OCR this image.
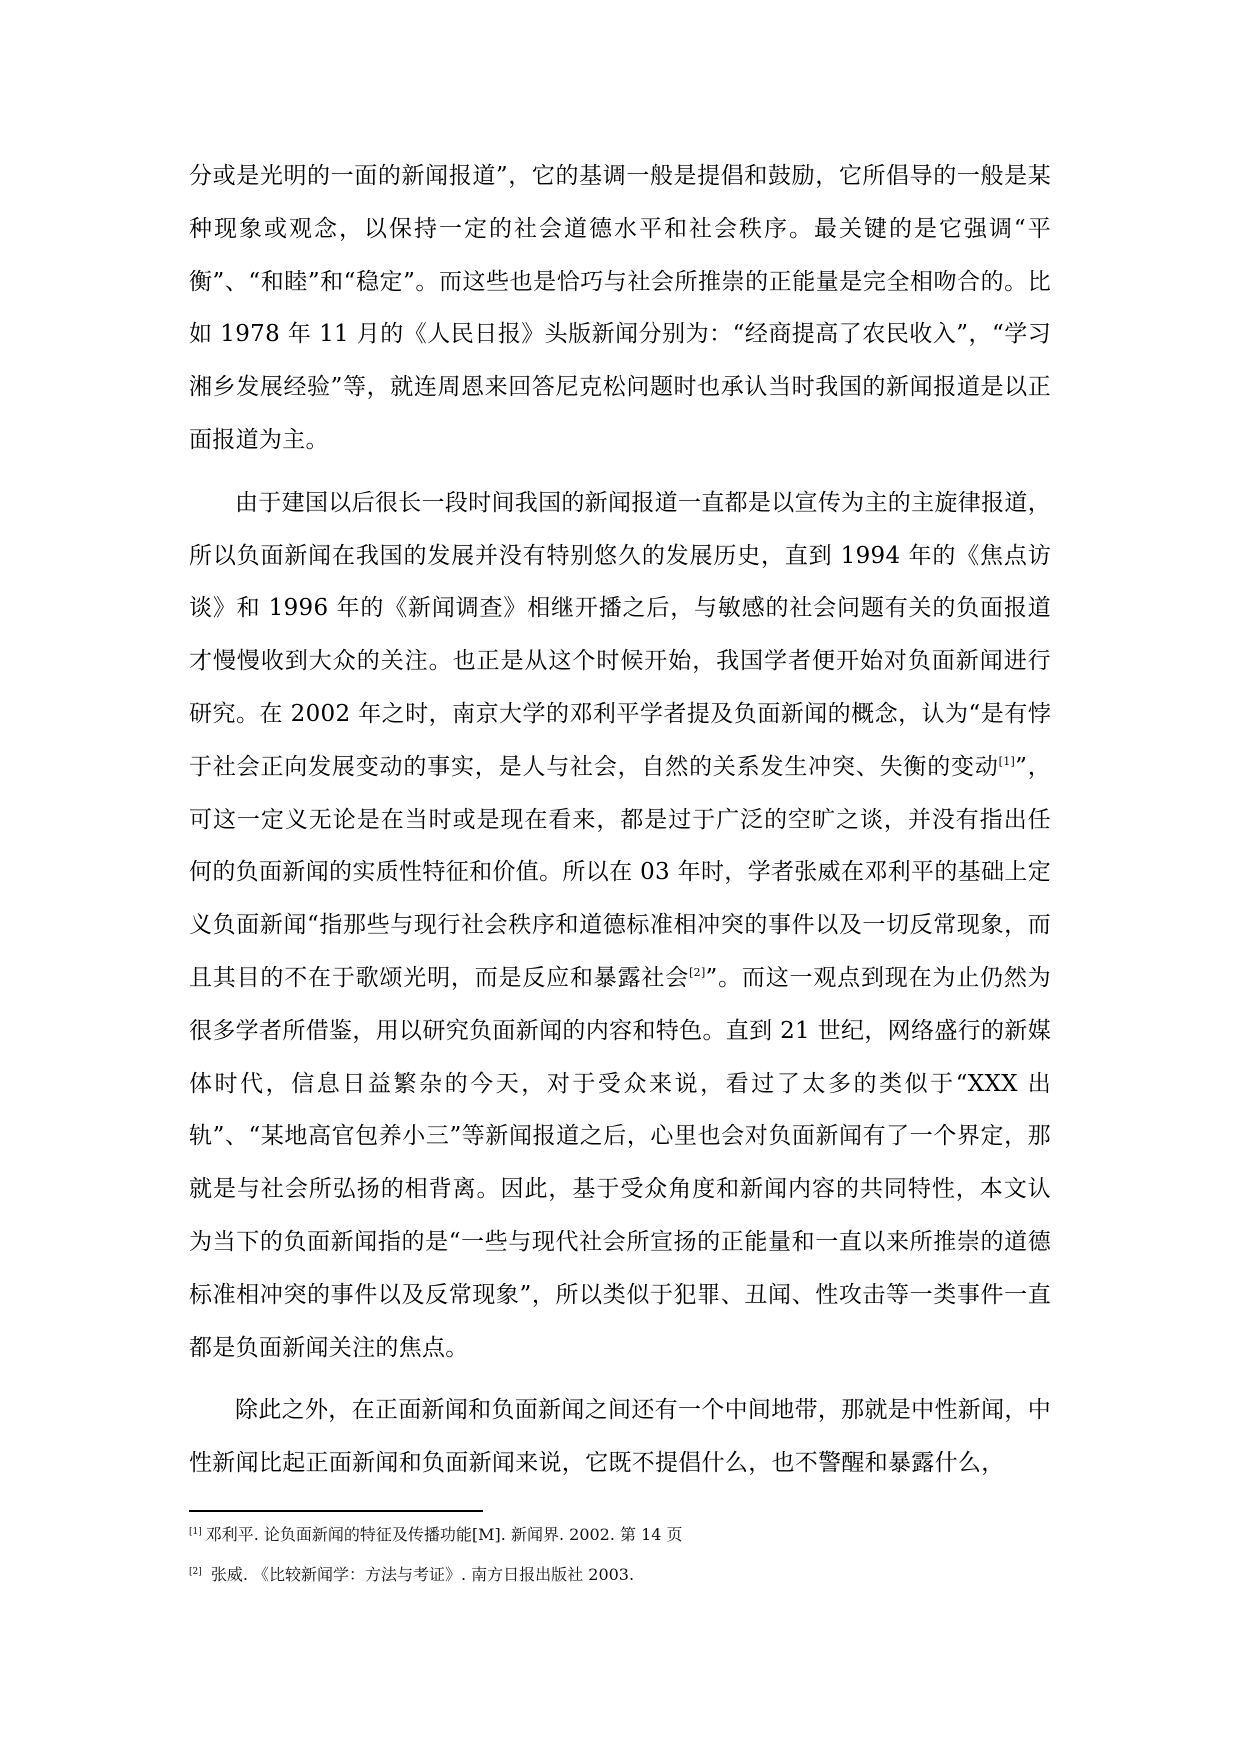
分或是光明的一面的新闻报道”，它的基调一般是提倡和鼓励，它所倡导的一般是某种现象或观念，以保持一定的社会道德水平和社会秩序。最关键的是它强调“平衡”、“和睦”和“稳定”。而这些也是恰巧与社会所推崇的正能量是完全相吻合的。比如 1978 年 11 月的《人民日报》头版新闻分别为：“经商提高了农民收入”，“学习湘乡发展经验”等，就连周恩来回答尼克松问题时也承认当时我国的新闻报道是以正面报道为主。

由于建国以后很长一段时间我国的新闻报道一直都是以宣传为主的主旋律报道，所以负面新闻在我国的发展并没有特别悠久的发展历史，直到 1994 年的《焦点访谈》和 1996 年的《新闻调查》相继开播之后，与敏感的社会问题有关的负面报道才慢慢收到大众的关注。也正是从这个时候开始，我国学者便开始对负面新闻进行研究。在 2002 年之时，南京大学的邓利平学者提及负面新闻的概念，认为“是有悖于社会正向发展变动的事实，是人与社会，自然的关系发生冲突、失衡的变动[1]”，可这一定义无论是在当时或是现在看来，都是过于广泛的空旷之谈，并没有指出任何的负面新闻的实质性特征和价值。所以在 03 年时，学者张威在邓利平的基础上定义负面新闻“指那些与现行社会秩序和道德标准相冲突的事件以及一切反常现象，而且其目的不在于歌颂光明，而是反应和暴露社会[2]”。而这一观点到现在为止仍然为很多学者所借鉴，用以研究负面新闻的内容和特色。直到 21 世纪，网络盛行的新媒体时代，信息日益繁杂的今天，对于受众来说，看过了太多的类似于“XXX 出轨”、“某地高官包养小三”等新闻报道之后，心里也会对负面新闻有了一个界定，那就是与社会所弘扬的相背离。因此，基于受众角度和新闻内容的共同特性，本文认为当下的负面新闻指的是“一些与现代社会所宣扬的正能量和一直以来所推崇的道德标准相冲突的事件以及反常现象”，所以类似于犯罪、丑闻、性攻击等一类事件一直都是负面新闻关注的焦点。

除此之外，在正面新闻和负面新闻之间还有一个中间地带，那就是中性新闻，中性新闻比起正面新闻和负面新闻来说，它既不提倡什么，也不警醒和暴露什么，

[1] 邓利平. 论负面新闻的特征及传播功能[M]. 新闻界. 2002. 第 14 页
[2] 张威. 《比较新闻学：方法与考证》. 南方日报出版社 2003.
